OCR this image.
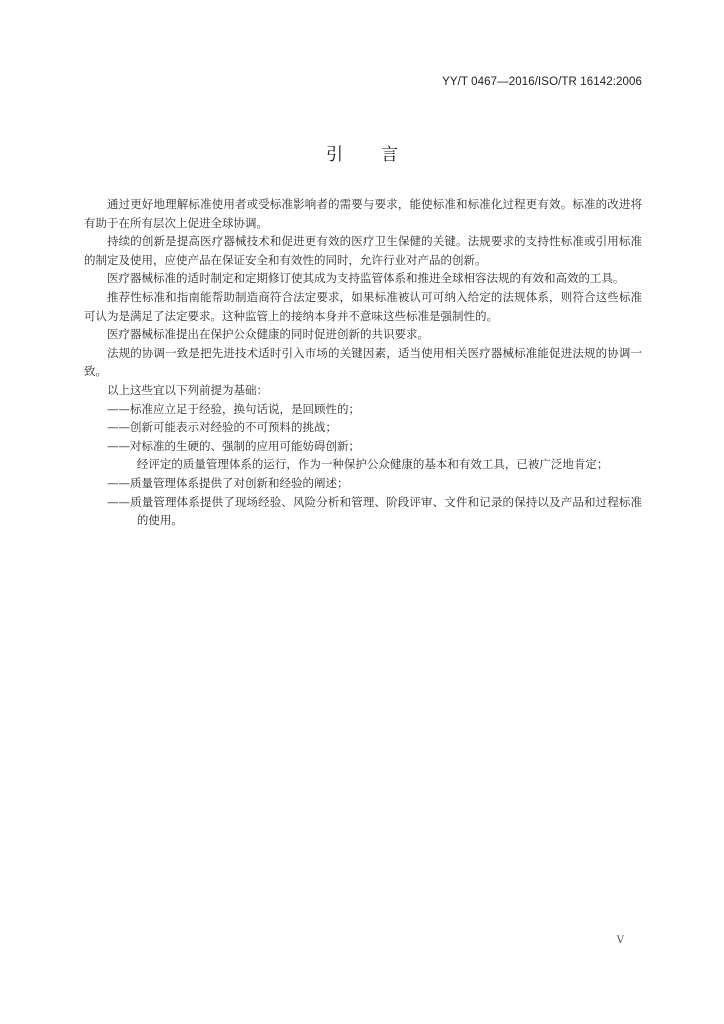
YY/T 0467—2016/ISO/TR 16142:2006
引言

通过更好地理解标准使用者或受标准影响者的需要与要求，能使标准和标准化过程更有效。标准的改进将有助于在所有层次上促进全球协调。

持续的创新是提高医疗器械技术和促进更有效的医疗卫生保健的关键。法规要求的支持性标准或引用标准的制定及使用，应使产品在保证安全和有效性的同时，允许行业对产品的创新。

医疗器械标准的适时制定和定期修订使其成为支持监管体系和推进全球相容法规的有效和高效的工具。

推荐性标准和指南能帮助制造商符合法定要求，如果标准被认可可纳入给定的法规体系，则符合这些标准可认为是满足了法定要求。这种监管上的接纳本身并不意味这些标准是强制性的。

医疗器械标准提出在保护公众健康的同时促进创新的共识要求。

法规的协调一致是把先进技术适时引入市场的关键因素，适当使用相关医疗器械标准能促进法规的协调一致。

以上这些宜以下列前提为基础：

——标准应立足于经验，换句话说，是回顾性的；

——创新可能表示对经验的不可预料的挑战；

——对标准的生硬的、强制的应用可能妨碍创新；

经评定的质量管理体系的运行，作为一种保护公众健康的基本和有效工具，已被广泛地肯定；

——质量管理体系提供了对创新和经验的阐述；

——质量管理体系提供了现场经验、风险分析和管理、阶段评审、文件和记录的保持以及产品和过程标准的使用。

V
